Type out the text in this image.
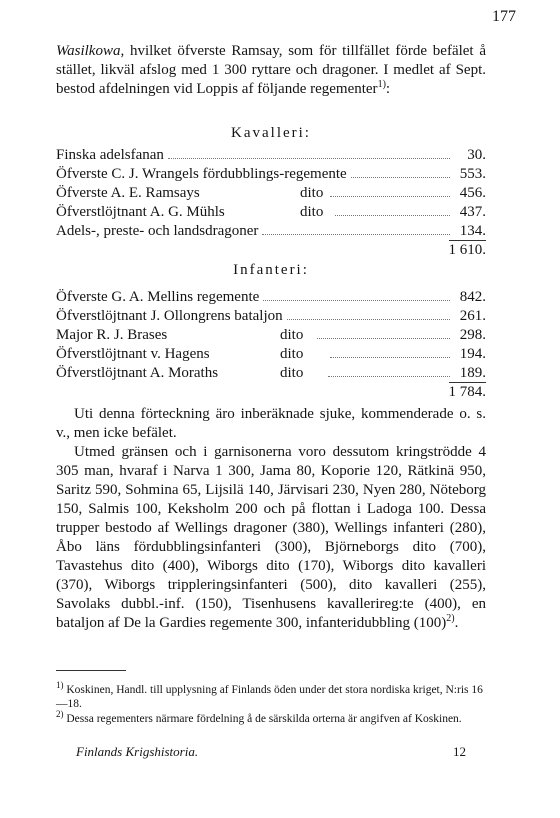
177
Wasilkowa, hvilket öfverste Ramsay, som för tillfället förde befälet å stället, likväl afslog med 1 300 ryttare och dragoner. I medlet af Sept. bestod afdelningen vid Loppis af följande regementer$^{1)}$:
Kavalleri:
Finska adelsfanan	30.
Öfverste C. J. Wrangels fördubblings-regemente	553.
Öfverste A. E. Ramsays	dito	456.
Öfverstlöjtnant A. G. Mühls	dito	437.
Adels-, preste- och landsdragoner	134.
1 610.
Infanteri:
Öfverste G. A. Mellins regemente	842.
Öfverstlöjtnant J. Ollongrens bataljon	261.
Major R. J. Brases	dito	298.
Öfverstlöjtnant v. Hagens	dito	194.
Öfverstlöjtnant A. Moraths	dito	189.
1 784.
Uti denna förteckning äro inberäknade sjuke, kommenderade o. s. v., men icke befälet.
Utmed gränsen och i garnisonerna voro dessutom kringströdde 4 305 man, hvaraf i Narva 1 300, Jama 80, Koporie 120, Rätkinä 950, Saritz 590, Sohmina 65, Lijsilä 140, Järvisari 230, Nyen 280, Nöteborg 150, Salmis 100, Keksholm 200 och på flottan i Ladoga 100. Dessa trupper bestodo af Wellings dragoner (380), Wellings infanteri (280), Åbo läns fördubblingsinfanteri (300), Björneborgs dito (700), Tavastehus dito (400), Wiborgs dito (170), Wiborgs dito kavalleri (370), Wiborgs trippleringsinfanteri (500), dito kavalleri (255), Savolaks dubbl.-inf. (150), Tisenhusens kavallerireg:te (400), en bataljon af De la Gardies regemente 300, infanteridubbling $(100)^{2)}$.
$^{1)}$ Koskinen, Handl. till upplysning af Finlands öden under det stora nordiska kriget, N:ris 16—18.
$^{2)}$ Dessa regementers närmare fördelning å de särskilda orterna är angifven af Koskinen.
Finlands Krigshistoria.	12
